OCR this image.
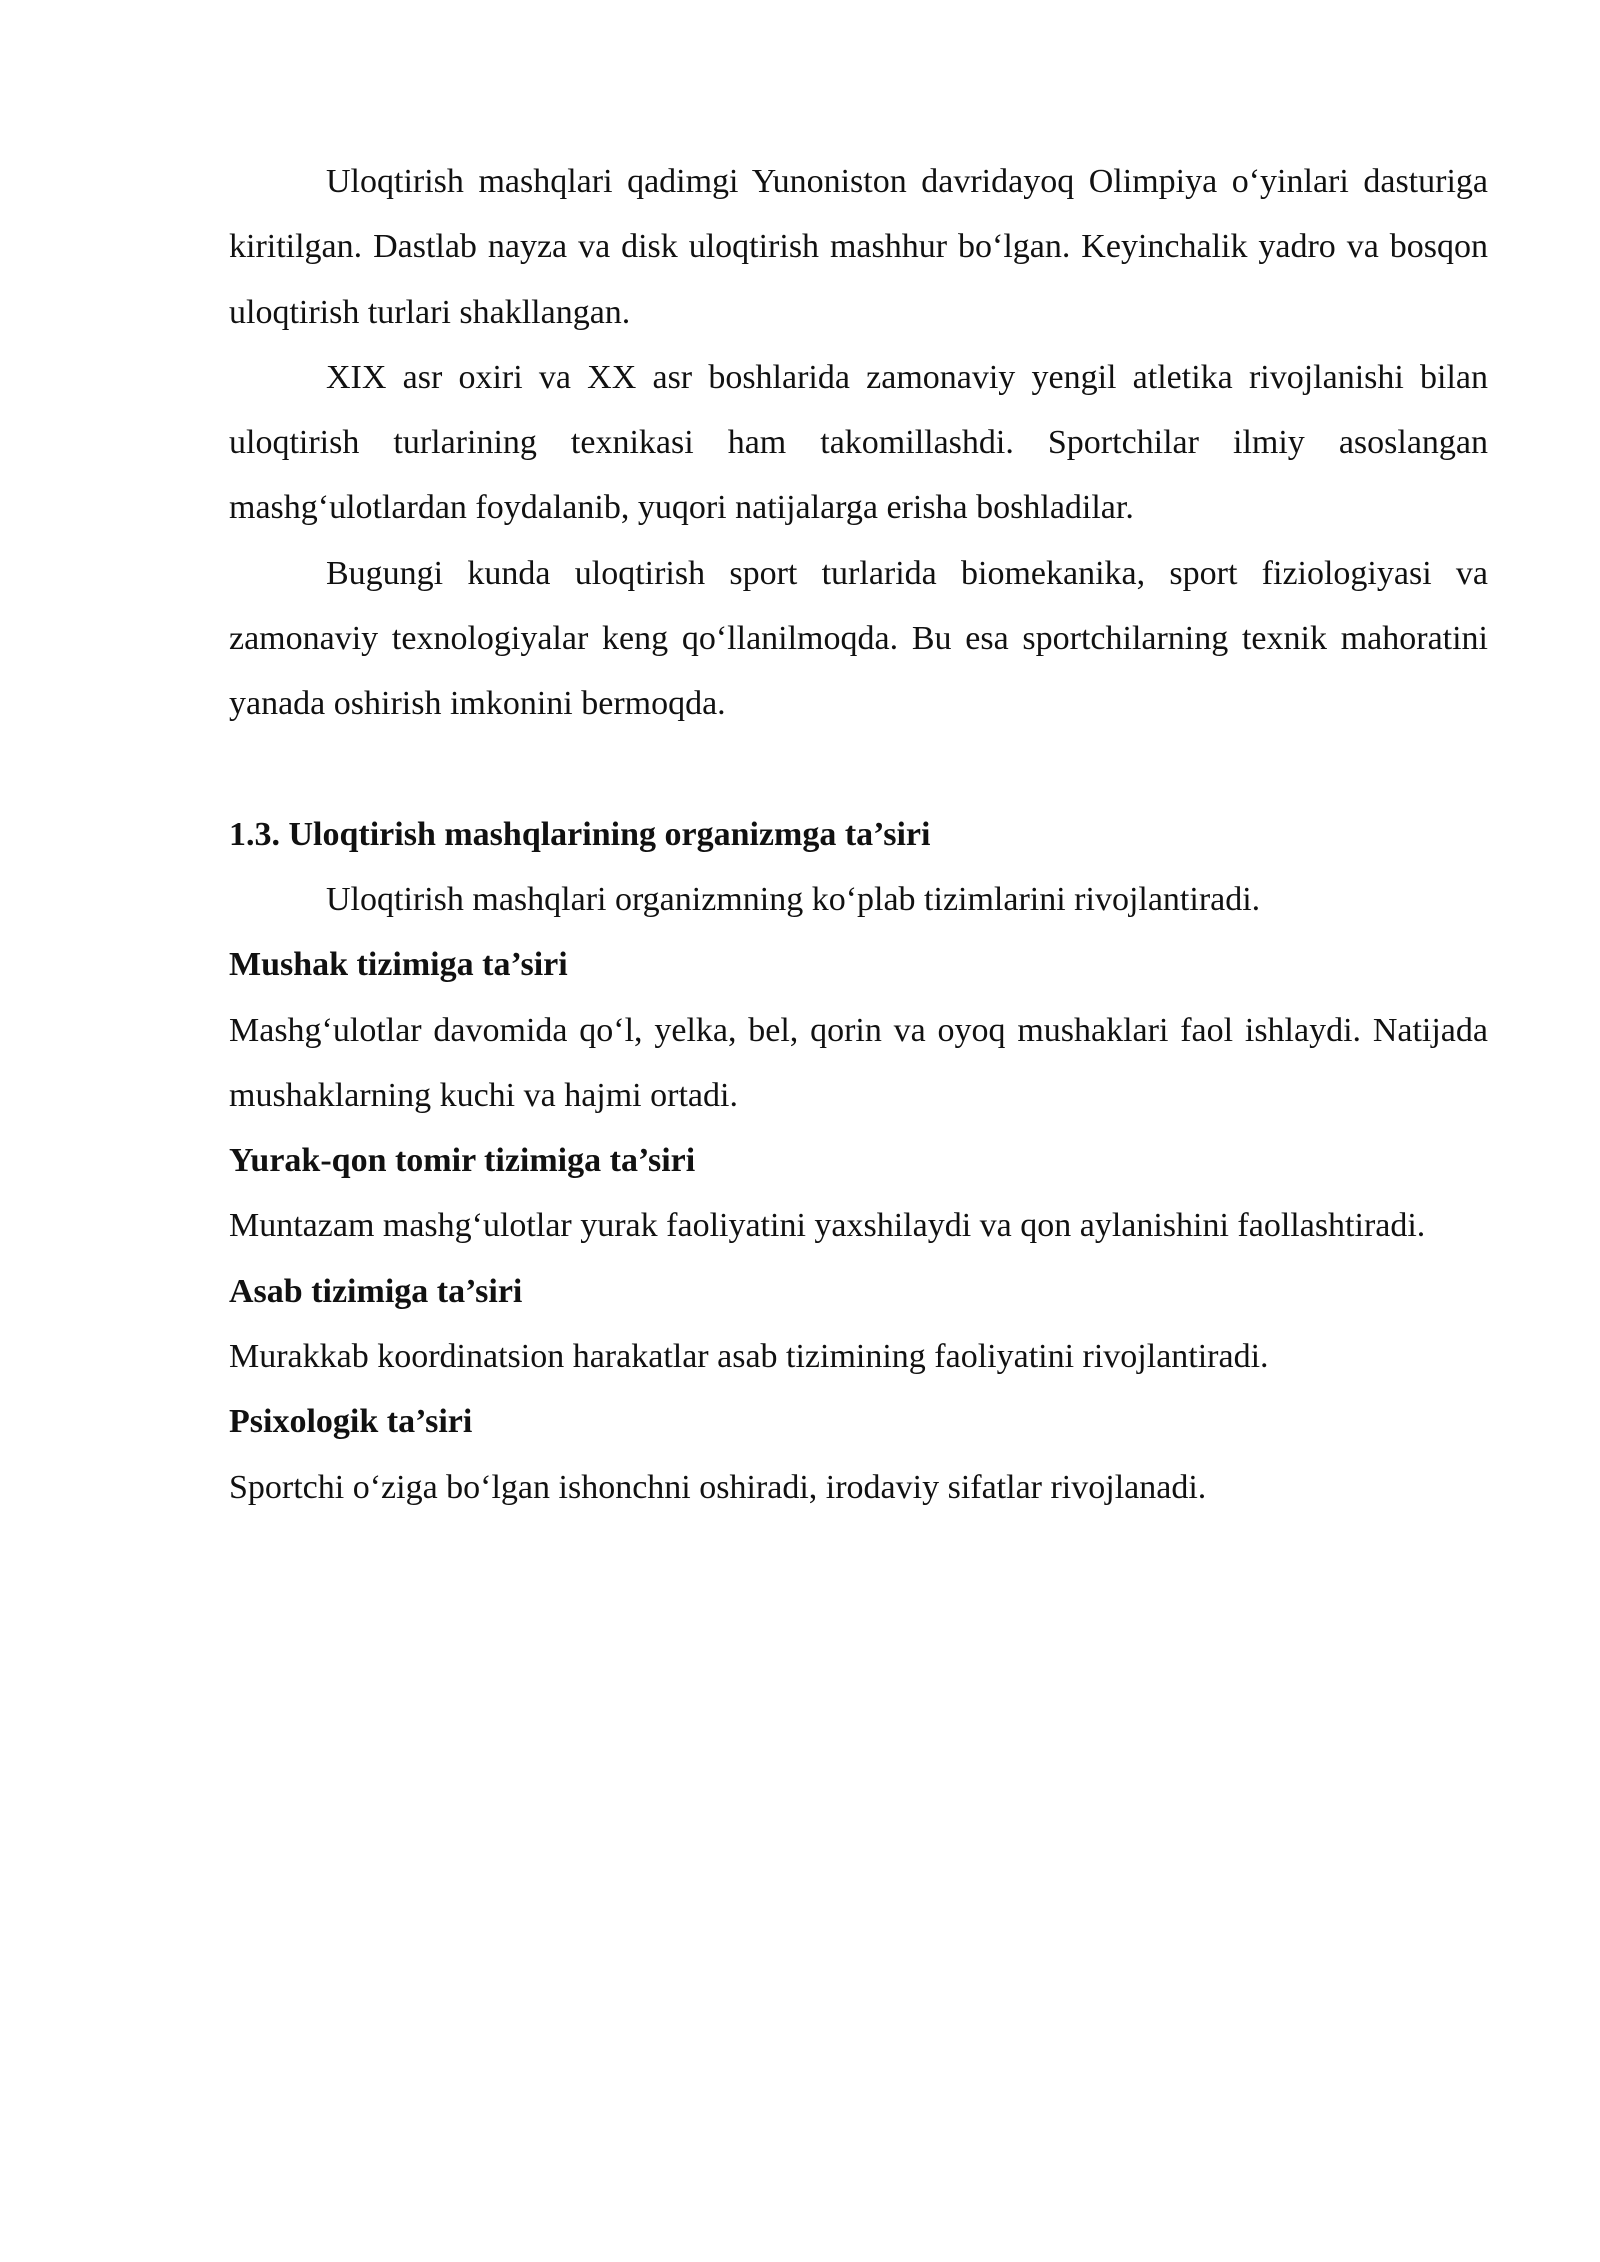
Uloqtirish mashqlari qadimgi Yunoniston davridayoq Olimpiya o‘yinlari dasturiga kiritilgan. Dastlab nayza va disk uloqtirish mashhur bo‘lgan. Keyinchalik yadro va bosqon uloqtirish turlari shakllangan.

XIX asr oxiri va XX asr boshlarida zamonaviy yengil atletika rivojlanishi bilan uloqtirish turlarining texnikasi ham takomillashdi. Sportchilar ilmiy asoslangan mashg‘ulotlardan foydalanib, yuqori natijalarga erisha boshladilar.

Bugungi kunda uloqtirish sport turlarida biomekanika, sport fiziologiyasi va zamonaviy texnologiyalar keng qo‘llanilmoqda. Bu esa sportchilarning texnik mahoratini yanada oshirish imkonini bermoqda.

1.3. Uloqtirish mashqlarining organizmga ta’siri

Uloqtirish mashqlari organizmning ko‘plab tizimlarini rivojlantiradi.

Mushak tizimiga ta’siri

Mashg‘ulotlar davomida qo‘l, yelka, bel, qorin va oyoq mushaklari faol ishlaydi. Natijada mushaklarning kuchi va hajmi ortadi.

Yurak-qon tomir tizimiga ta’siri

Muntazam mashg‘ulotlar yurak faoliyatini yaxshilaydi va qon aylanishini faollashtiradi.

Asab tizimiga ta’siri

Murakkab koordinatsion harakatlar asab tizimining faoliyatini rivojlantiradi.

Psixologik ta’siri

Sportchi o‘ziga bo‘lgan ishonchni oshiradi, irodaviy sifatlar rivojlanadi.
